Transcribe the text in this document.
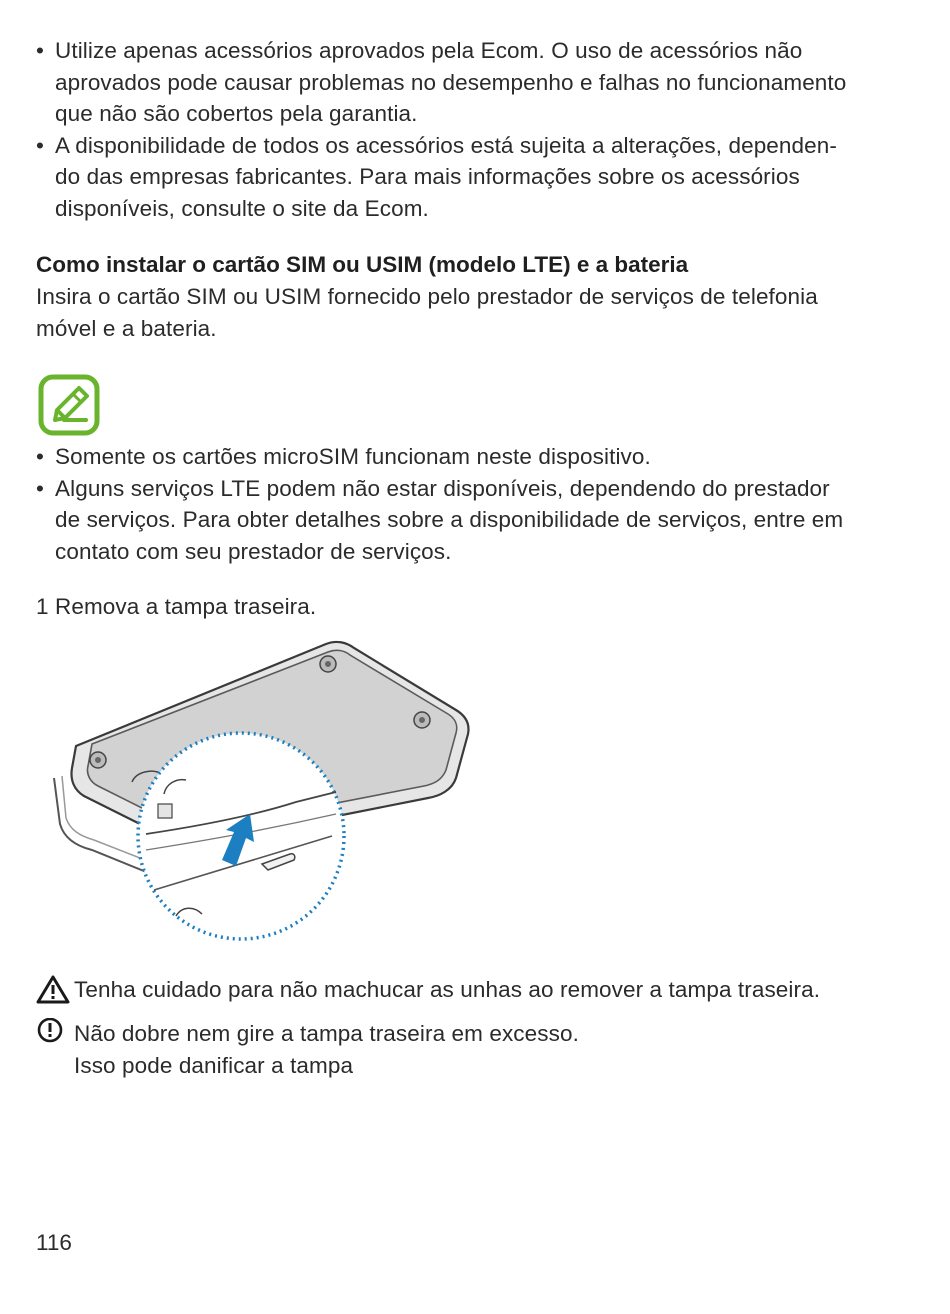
• Utilize apenas acessórios aprovados pela Ecom. O uso de acessórios não
aprovados pode causar problemas no desempenho e falhas no funcionamento
que não são cobertos pela garantia.
• A disponibilidade de todos os acessórios está sujeita a alterações, dependen-
do das empresas fabricantes. Para mais informações sobre os acessórios
disponíveis, consulte o site da Ecom.
Como instalar o cartão SIM ou USIM (modelo LTE) e a bateria
Insira o cartão SIM ou USIM fornecido pelo prestador de serviços de telefonia
móvel e a bateria.
• Somente os cartões microSIM funcionam neste dispositivo.
• Alguns serviços LTE podem não estar disponíveis, dependendo do prestador
de serviços. Para obter detalhes sobre a disponibilidade de serviços, entre em
contato com seu prestador de serviços.
1 Remova a tampa traseira.
Tenha cuidado para não machucar as unhas ao remover a tampa traseira.
Não dobre nem gire a tampa traseira em excesso.
Isso pode danificar a tampa
116
